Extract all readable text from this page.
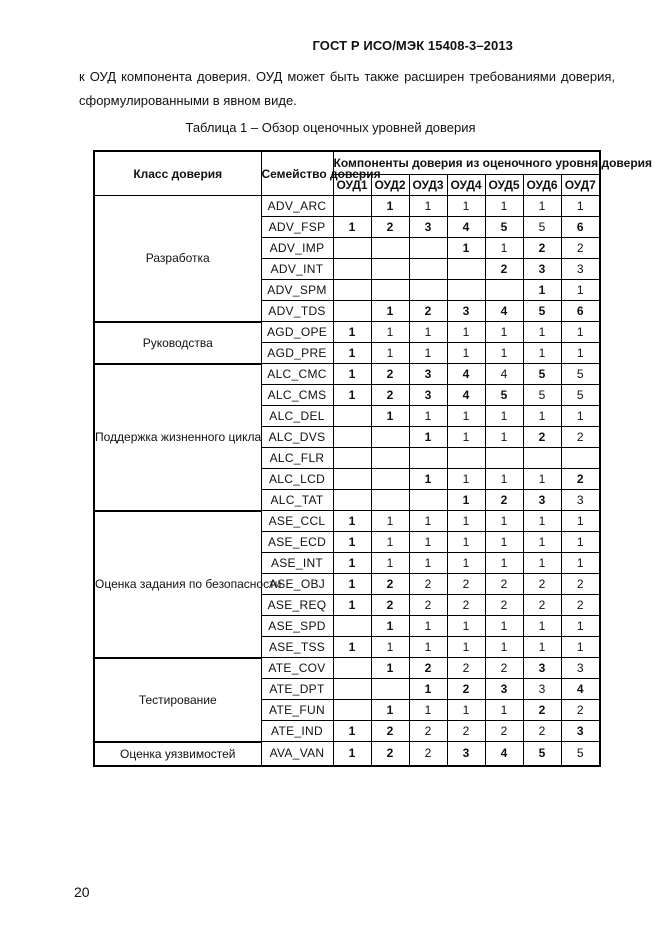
ГОСТ Р ИСО/МЭК 15408-3–2013
к ОУД компонента доверия. ОУД может быть также расширен требованиями доверия, сформулированными в явном виде.
Таблица 1 – Обзор оценочных уровней доверия
Класс доверия	Семейство доверия	Компоненты доверия из оценочного уровня доверия						
		ОУД1	ОУД2	ОУД3	ОУД4	ОУД5	ОУД6	ОУД7
Разработка	ADV_ARC		1	1	1	1	1	1
	ADV_FSP	1	2	3	4	5	5	6
	ADV_IMP				1	1	2	2
	ADV_INT					2	3	3
	ADV_SPM						1	1
	ADV_TDS		1	2	3	4	5	6
Руководства	AGD_OPE	1	1	1	1	1	1	1
	AGD_PRE	1	1	1	1	1	1	1
Поддержка жизненного цикла	ALC_CMC	1	2	3	4	4	5	5
	ALC_CMS	1	2	3	4	5	5	5
	ALC_DEL		1	1	1	1	1	1
	ALC_DVS			1	1	1	2	2
	ALC_FLR							
	ALC_LCD			1	1	1	1	2
	ALC_TAT				1	2	3	3
Оценка задания по безопасности	ASE_CCL	1	1	1	1	1	1	1
	ASE_ECD	1	1	1	1	1	1	1
	ASE_INT	1	1	1	1	1	1	1
	ASE_OBJ	1	2	2	2	2	2	2
	ASE_REQ	1	2	2	2	2	2	2
	ASE_SPD		1	1	1	1	1	1
	ASE_TSS	1	1	1	1	1	1	1
Тестирование	ATE_COV		1	2	2	2	3	3
	ATE_DPT			1	2	3	3	4
	ATE_FUN		1	1	1	1	2	2
	ATE_IND	1	2	2	2	2	2	3
Оценка уязвимостей	AVA_VAN	1	2	2	3	4	5	5
20
